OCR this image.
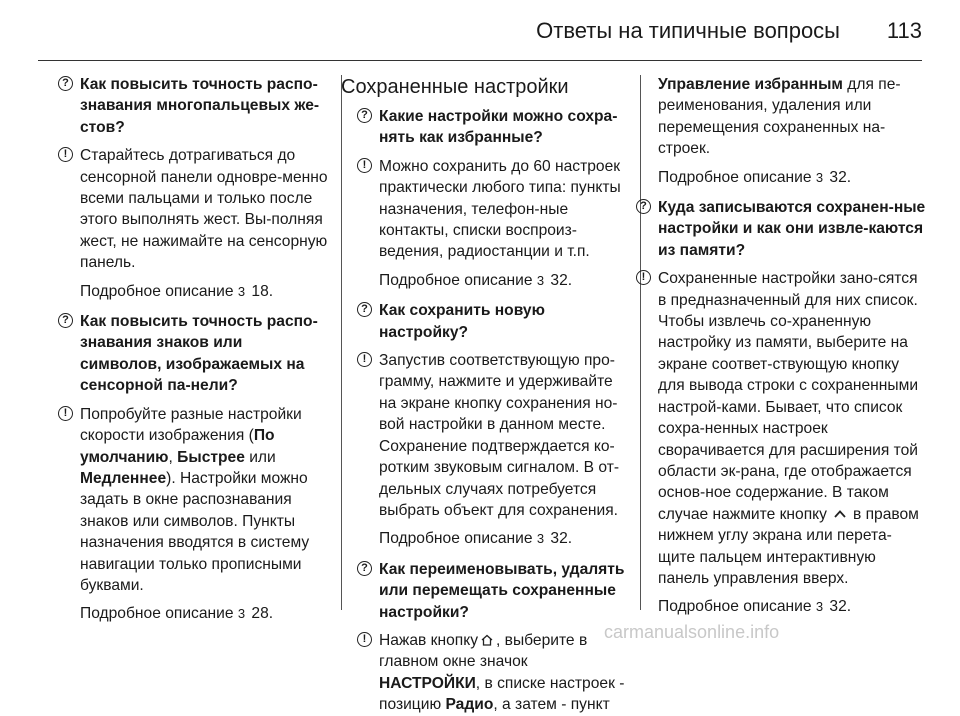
Ответы на типичные вопросы 113
? Как повысить точность распо-знавания многопальцевых же-стов?
! Старайтесь дотрагиваться до сенсорной панели одновре-менно всеми пальцами и только после этого выполнять жест. Вы-полняя жест, не нажимайте на сенсорную панель.
Подробное описание 3 18.
? Как повысить точность распо-знавания знаков или символов, изображаемых на сенсорной па-нели?
! Попробуйте разные настройки скорости изображения (По умолчанию, Быстрее или Медленнее). Настройки можно задать в окне распознавания знаков или символов. Пункты назначения вводятся в систему навигации только прописными буквами.
Подробное описание 3 28.
Сохраненные настройки
? Какие настройки можно сохра-нять как избранные?
! Можно сохранить до 60 настроек практически любого типа: пункты назначения, телефон-ные контакты, списки воспроиз-ведения, радиостанции и т.п.
Подробное описание 3 32.
? Как сохранить новую настройку?
! Запустив соответствующую про-грамму, нажмите и удерживайте на экране кнопку сохранения но-вой настройки в данном месте. Сохранение подтверждается ко-ротким звуковым сигналом. В от-дельных случаях потребуется выбрать объект для сохранения.
Подробное описание 3 32.
? Как переименовывать, удалять или перемещать сохраненные настройки?
! Нажав кнопку , выберите в главном окне значок НАСТРОЙКИ, в списке настроек - позицию Радио, а затем - пункт
Управление избранным для пе-реименования, удаления или перемещения сохраненных на-строек.
Подробное описание 3 32.
? Куда записываются сохранен-ные настройки и как они извле-каются из памяти?
! Сохраненные настройки зано-сятся в предназначенный для них список. Чтобы извлечь со-храненную настройку из памяти, выберите на экране соответ-ствующую кнопку для вывода строки с сохраненными настрой-ками. Бывает, что список сохра-ненных настроек сворачивается для расширения той области эк-рана, где отображается основ-ное содержание. В таком случае нажмите кнопку в правом нижнем углу экрана или перета-щите пальцем интерактивную панель управления вверх.
Подробное описание 3 32.
carmanualsonline.info
